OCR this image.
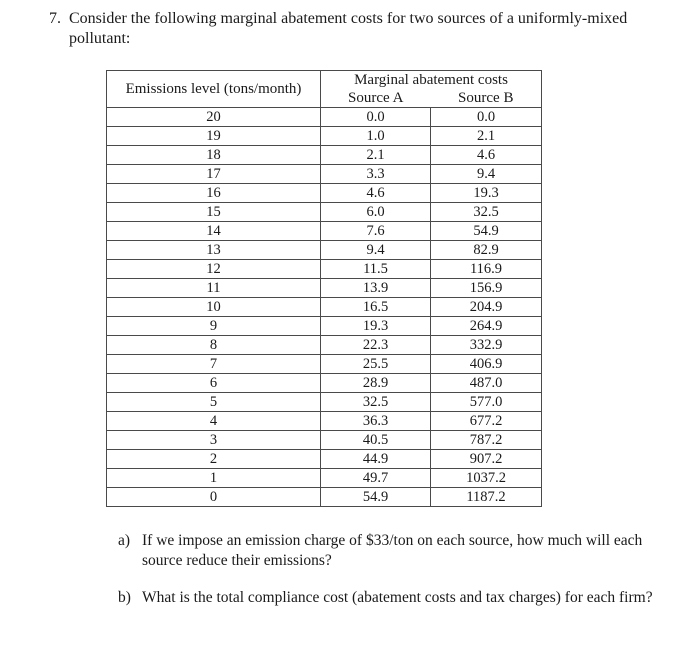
7. Consider the following marginal abatement costs for two sources of a uniformly-mixed pollutant:
Emissions level (tons/month)	Marginal abatement costs	
	Source A	Source B
20	0.0	0.0
19	1.0	2.1
18	2.1	4.6
17	3.3	9.4
16	4.6	19.3
15	6.0	32.5
14	7.6	54.9
13	9.4	82.9
12	11.5	116.9
11	13.9	156.9
10	16.5	204.9
9	19.3	264.9
8	22.3	332.9
7	25.5	406.9
6	28.9	487.0
5	32.5	577.0
4	36.3	677.2
3	40.5	787.2
2	44.9	907.2
1	49.7	1037.2
0	54.9	1187.2
a) If we impose an emission charge of $33/ton on each source, how much will each source reduce their emissions?
b) What is the total compliance cost (abatement costs and tax charges) for each firm?
